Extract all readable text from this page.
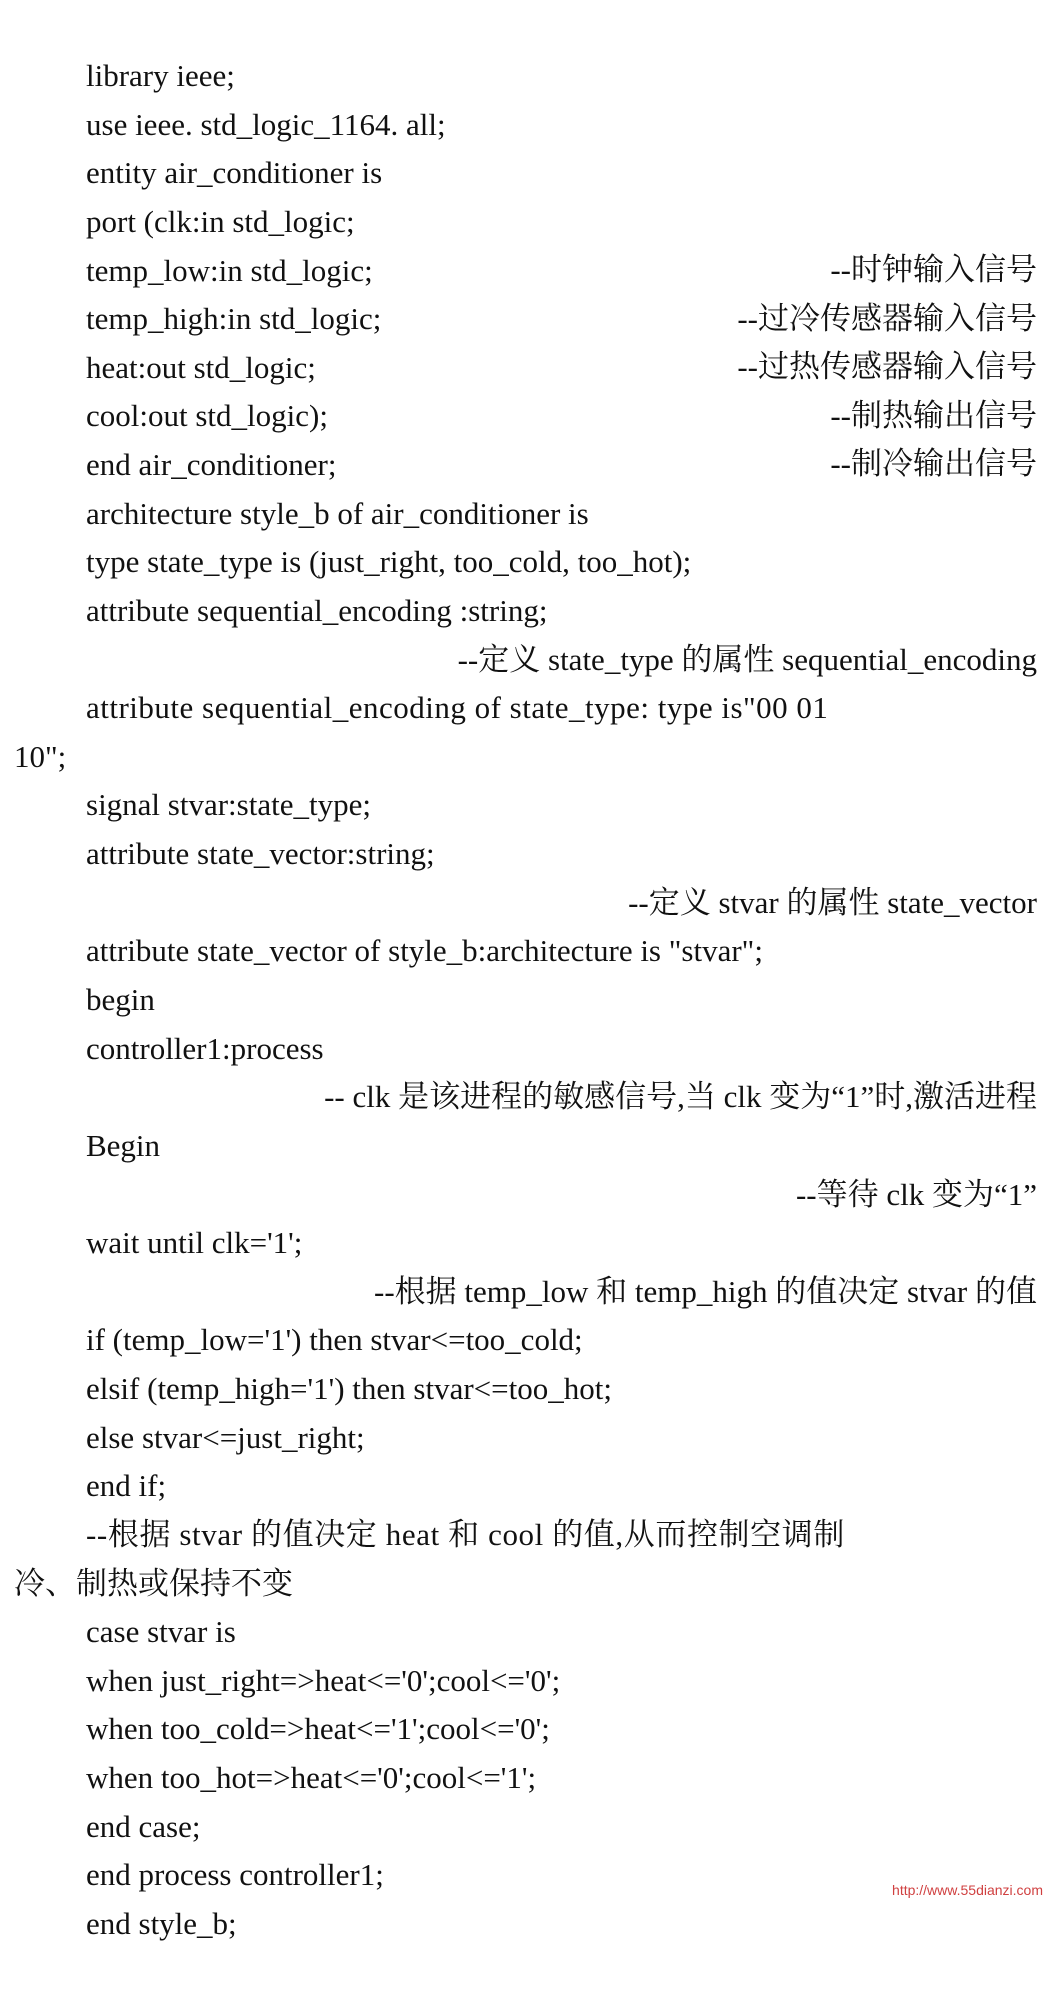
library ieee;

use ieee. std_logic_1164. all;

entity air_conditioner is

port (clk:in std_logic;

--时钟输入信号

temp_low:in std_logic;

--过冷传感器输入信号

temp_high:in std_logic;

--过热传感器输入信号

heat:out std_logic;

--制热输出信号

cool:out std_logic);

--制冷输出信号

end air_conditioner;

architecture style_b of air_conditioner is

type state_type is (just_right, too_cold, too_hot);

attribute sequential_encoding :string;

--定义 state_type 的属性 sequential_encoding

attribute sequential_encoding of state_type: type is"00 01

10";

signal stvar:state_type;

attribute state_vector:string;

--定义 stvar 的属性 state_vector

attribute state_vector of style_b:architecture is "stvar";

begin

controller1:process

-- clk 是该进程的敏感信号,当 clk 变为“1”时,激活进程

Begin

--等待 clk 变为“1”

wait until clk='1';

--根据 temp_low 和 temp_high 的值决定 stvar 的值

if (temp_low='1') then stvar<=too_cold;

elsif (temp_high='1') then stvar<=too_hot;

else stvar<=just_right;

end if;

--根据 stvar 的值决定 heat 和 cool 的值,从而控制空调制

冷、制热或保持不变

case stvar is

when just_right=>heat<='0';cool<='0';

when too_cold=>heat<='1';cool<='0';

when too_hot=>heat<='0';cool<='1';

end case;

end process controller1;

end style_b;

http://www.55dianzi.com
